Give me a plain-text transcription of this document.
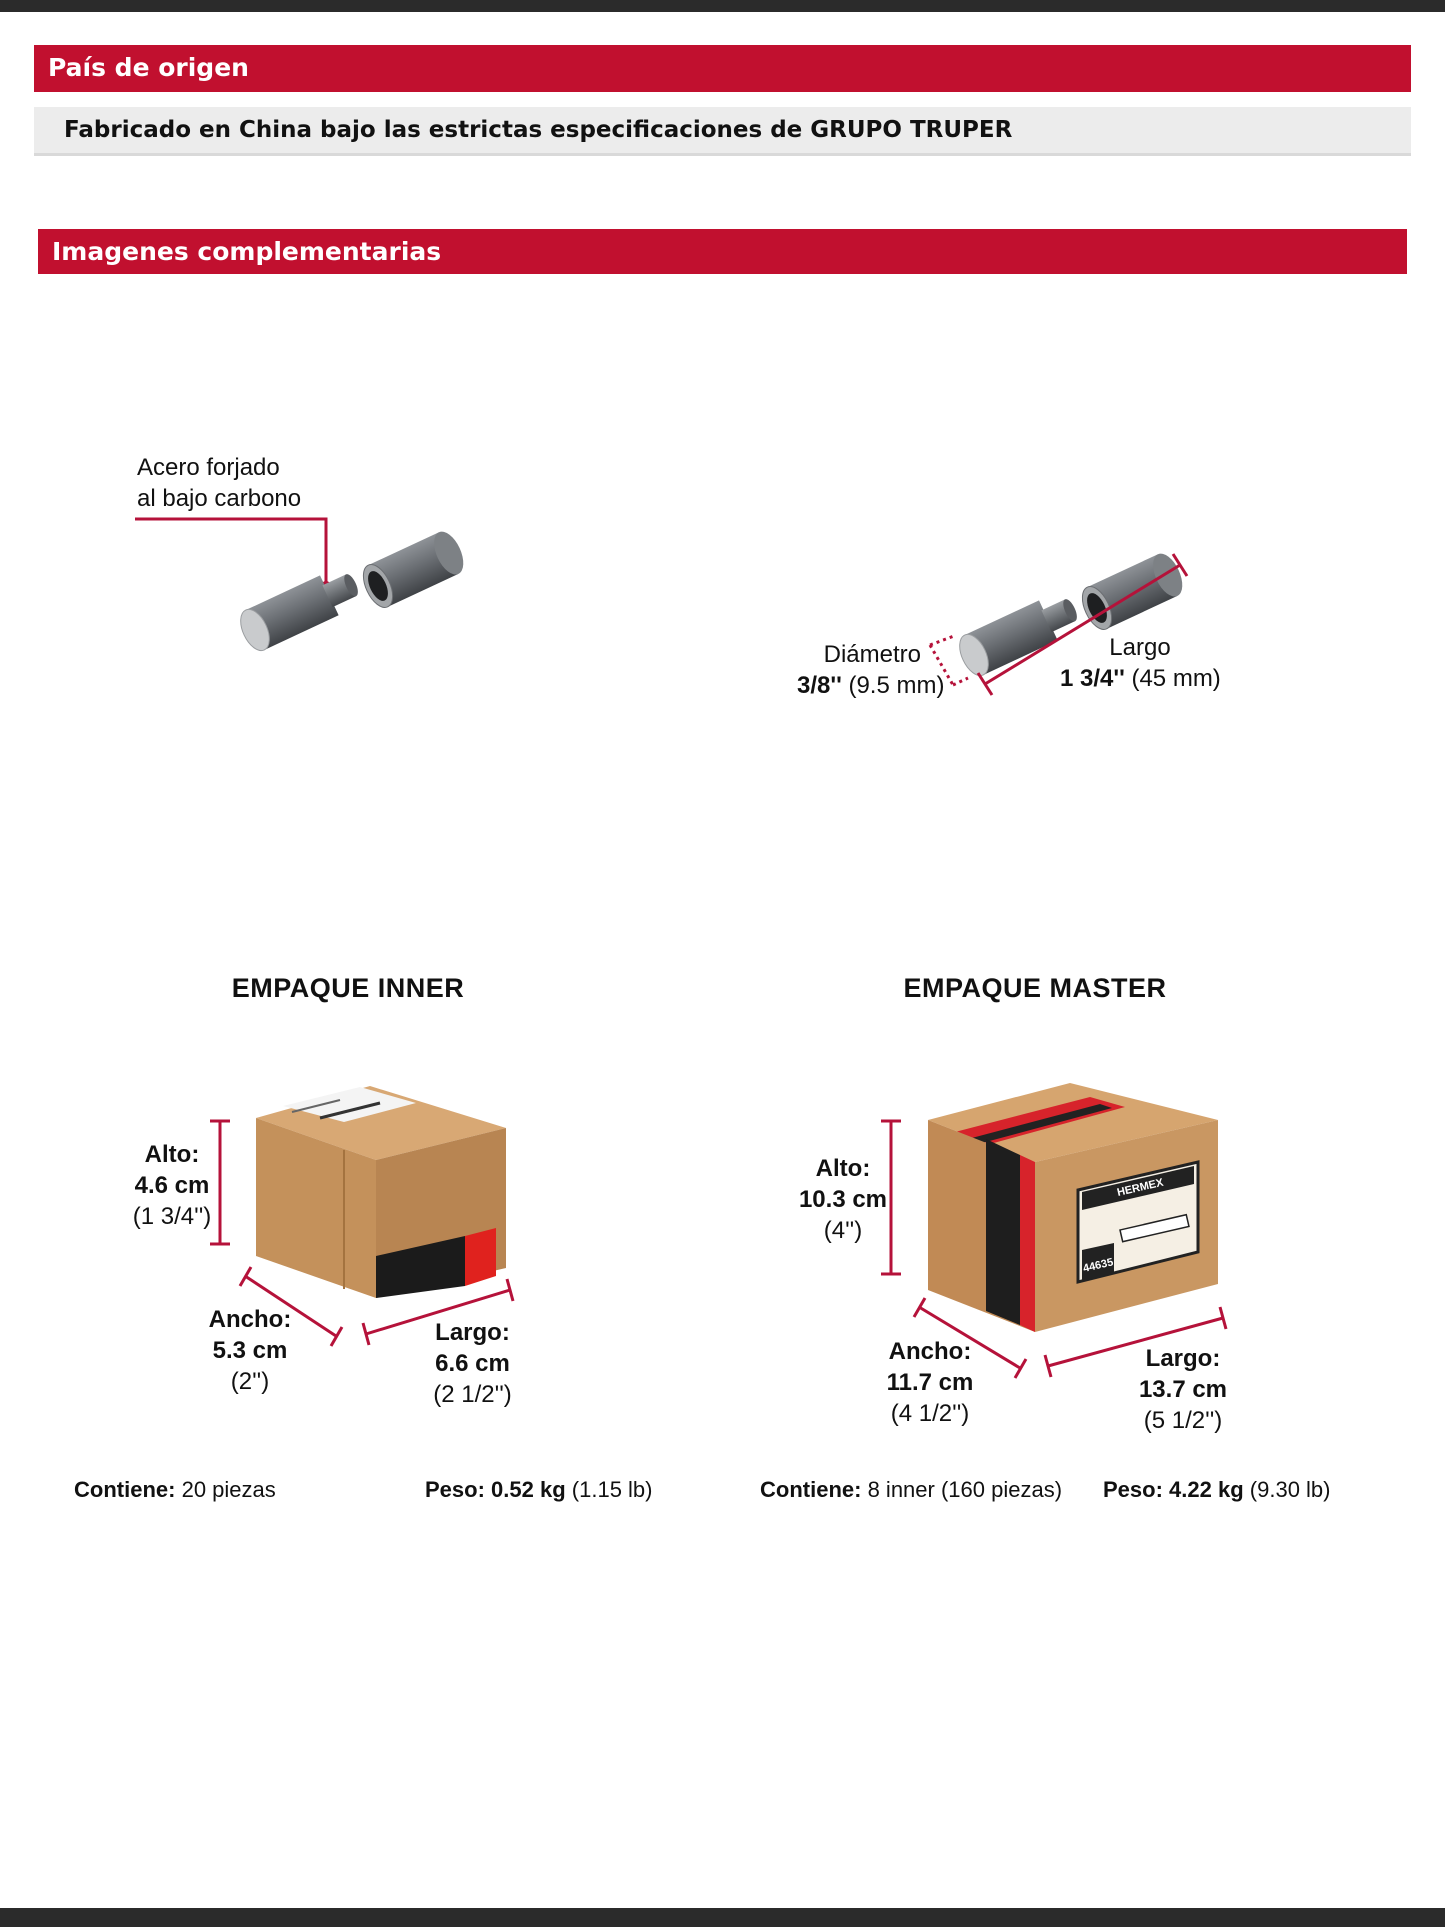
País de origen
Fabricado en China bajo las estrictas especificaciones de GRUPO TRUPER
Imagenes complementarias
Acero forjado
al bajo carbono
Diámetro
3/8'' (9.5 mm)
Largo
1 3/4'' (45 mm)
EMPAQUE INNER
Alto:
4.6 cm
(1 3/4'')
Ancho:
5.3 cm
(2'')
Largo:
6.6 cm
(2 1/2'')
Contiene: 20 piezas	Peso: 0.52 kg (1.15 lb)
EMPAQUE MASTER
HERMEX
44635
Alto:
10.3 cm
(4'')
Ancho:
11.7 cm
(4 1/2'')
Largo:
13.7 cm
(5 1/2'')
Contiene: 8 inner (160 piezas) Peso: 4.22 kg (9.30 lb)
